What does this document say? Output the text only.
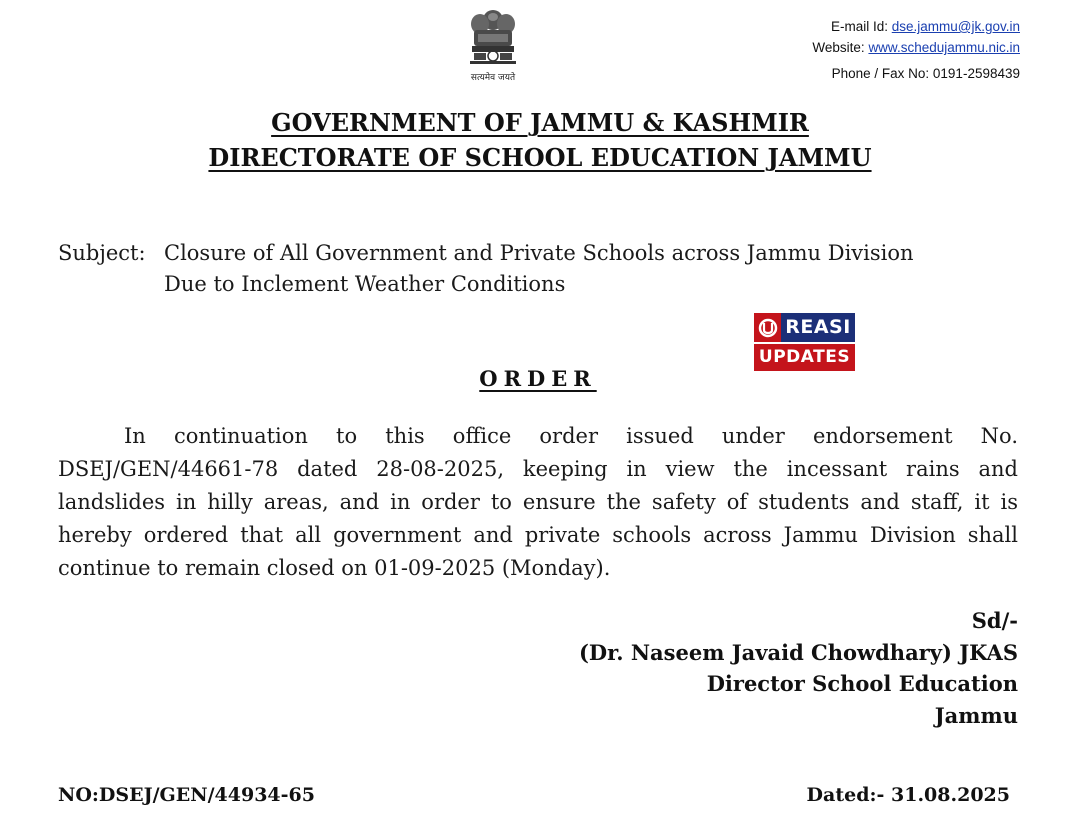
सत्यमेव जयते
E-mail Id: dse.jammu@jk.gov.in
Website: www.schedujammu.nic.in
Phone / Fax No: 0191-2598439
GOVERNMENT OF JAMMU & KASHMIR
DIRECTORATE OF SCHOOL EDUCATION JAMMU
Subject: Closure of All Government and Private Schools across Jammu Division
Due to Inclement Weather Conditions
REASI
UPDATES
ORDER
In continuation to this office order issued under endorsement No. DSEJ/GEN/44661-78 dated 28-08-2025, keeping in view the incessant rains and landslides in hilly areas, and in order to ensure the safety of students and staff, it is hereby ordered that all government and private schools across Jammu Division shall continue to remain closed on 01-09-2025 (Monday).
Sd/-
(Dr. Naseem Javaid Chowdhary) JKAS
Director School Education
Jammu
NO:DSEJ/GEN/44934-65	Dated:- 31.08.2025
